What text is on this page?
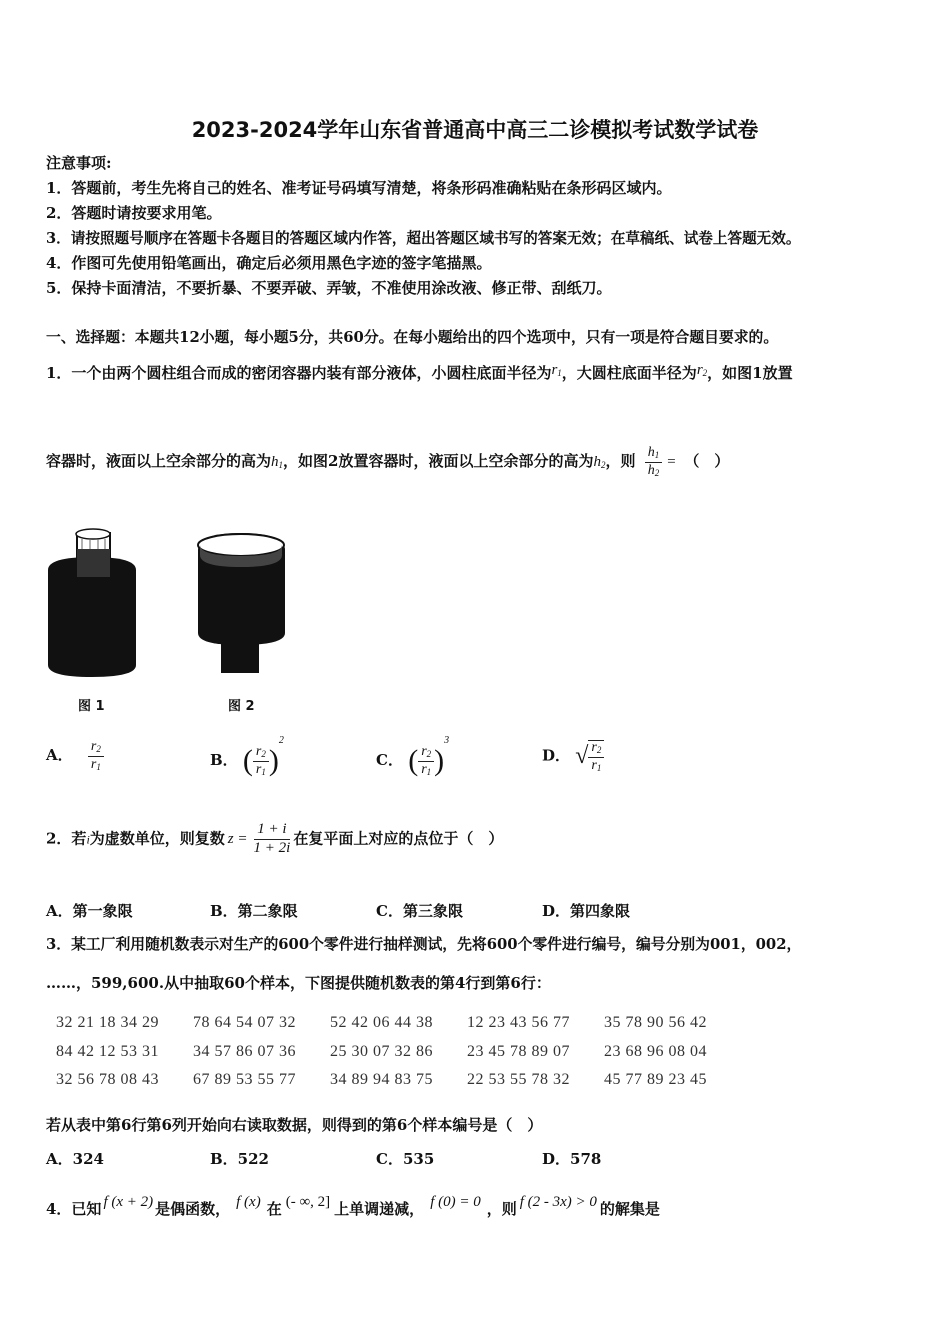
2023-2024学年山东省普通高中高三二诊模拟考试数学试卷
注意事项:
1．答题前，考生先将自己的姓名、准考证号码填写清楚，将条形码准确粘贴在条形码区域内。
2．答题时请按要求用笔。
3．请按照题号顺序在答题卡各题目的答题区域内作答，超出答题区域书写的答案无效；在草稿纸、试卷上答题无效。
4．作图可先使用铅笔画出，确定后必须用黑色字迹的签字笔描黑。
5．保持卡面清洁，不要折暴、不要弄破、弄皱，不准使用涂改液、修正带、刮纸刀。
一、选择题：本题共12小题，每小题5分，共60分。在每小题给出的四个选项中，只有一项是符合题目要求的。
1．一个由两个圆柱组合而成的密闭容器内装有部分液体，小圆柱底面半径为$r_1$，大圆柱底面半径为$r_2$，如图1放置
容器时，液面以上空余部分的高为$h_1$，如图2放置容器时，液面以上空余部分的高为$h_2$，则 $\frac{h_1}{h_2}$ = （　）
图 1	图 2
A． $\frac{r_2}{r_1}$	B． ( $\frac{r_2}{r_1} )^2$
C． ( $\frac{r_2}{r_1} )^3$
D． √ $\frac{r_2}{r_1}$
2．若i为虚数单位，则复数 $z = \frac{1 + i}{1 + 2i}$ 在复平面上对应的点位于（　）
A．第一象限	B．第二象限	C．第三象限	D．第四象限
3．某工厂利用随机数表示对生产的600个零件进行抽样测试，先将600个零件进行编号，编号分别为001，002，
……，599,600.从中抽取60个样本，下图提供随机数表的第4行到第6行：
32 21 18 34 29 78 64 54 07 32 52 42 06 44 38 12 23 43 56 77 35 78 90 56 42
84 42 12 53 31 34 57 86 07 36 25 30 07 32 86 23 45 78 89 07 23 68 96 08 04
32 56 78 08 43 67 89 53 55 77 34 89 94 83 75 22 53 55 78 32 45 77 89 23 45
若从表中第6行第6列开始向右读取数据，则得到的第6个样本编号是（　）
A．324	B．522	C．535	D．578
4．已知 f (x + 2) 是偶函数， f (x) 在 (- ∞, 2] 上单调递减， f (0) = 0 ，则 f (2 - 3x) > 0 的解集是
